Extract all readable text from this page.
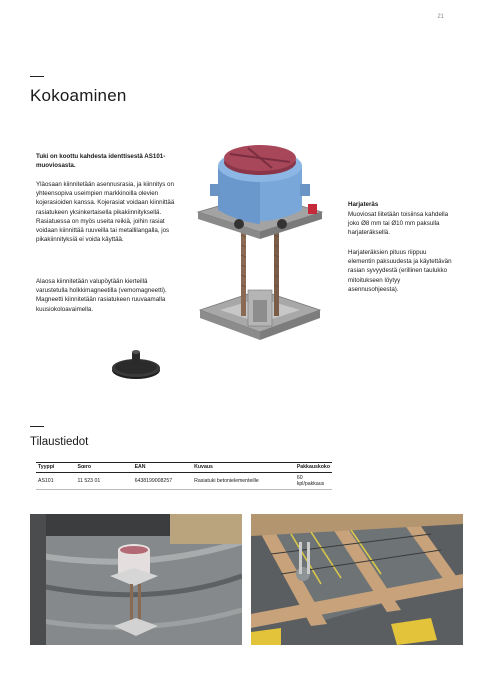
21
Kokoaminen
Tuki on koottu kahdesta identtisestä AS101-muoviosasta.
Yläosaan kiinnitetään asennusrasia, ja kiinnitys on yhteensopiva useimpien markkinoilla olevien kojerasioiden kanssa. Kojerasiat voidaan kiinnittää rasiatukeen yksinkertaisella pikakiinnityksellä. Rasiatuessa on myös useita reikiä, joihin rasiat voidaan kiinnittää ruuveilla tai metallilangalla, jos pikakiinnityksiä ei voida käyttää.
Alaosa kiinnitetään valupöytään kierteillä varustetulla holkkimagneetilla (vemomagneetti). Magneetti kiinnitetään rasiatukeen ruuvaamalla kuusiokoloavaimella.
Harjateräs
Muoviosat liitetään toisiinsa kahdella joko Ø8 mm tai Ø10 mm paksulla harjateräksellä.
Harjateräksien pituus riippuu elementin paksuudesta ja käytettävän rasian syvyydestä (erillinen taulukko mitoitukseen löytyy asennusohjeesta).
Tilaustiedot
Tyyppi	Sœro	EAN	Kuvaus	Pakkauskoko
AS101	11 523 01	6438199008257	Rasiatuki betonielementeille	60 kpl/pakkaus
